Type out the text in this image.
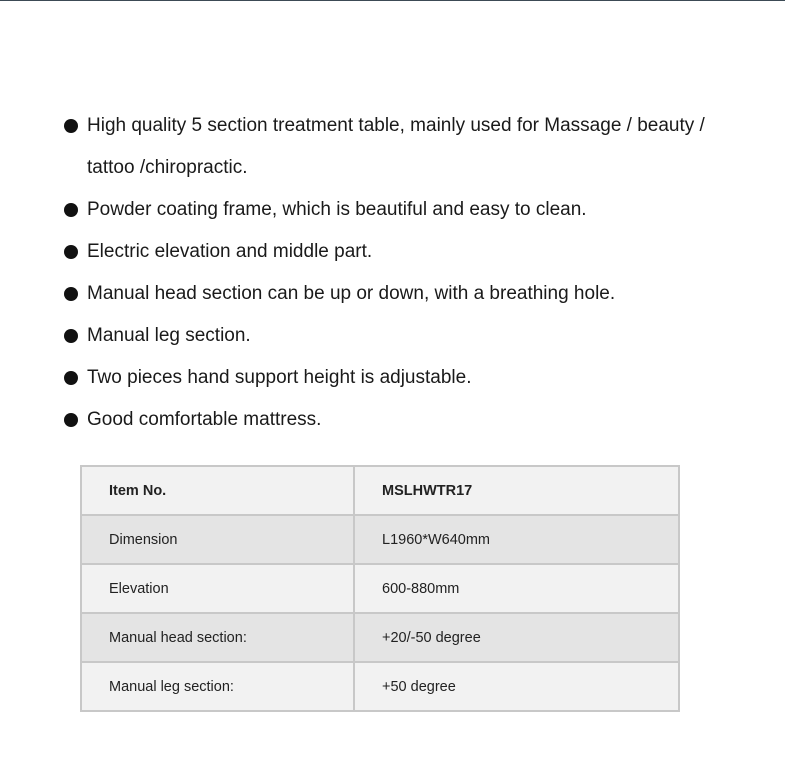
High quality 5 section treatment table, mainly used for Massage / beauty / tattoo /chiropractic.
Powder coating frame, which is beautiful and easy to clean.
Electric elevation and middle part.
Manual head section can be up or down, with a breathing hole.
Manual leg section.
Two pieces hand support height is adjustable.
Good comfortable mattress.
Item No.	MSLHWTR17
Dimension	L1960*W640mm
Elevation	600-880mm
Manual head section:	+20/-50 degree
Manual leg section:	+50 degree
